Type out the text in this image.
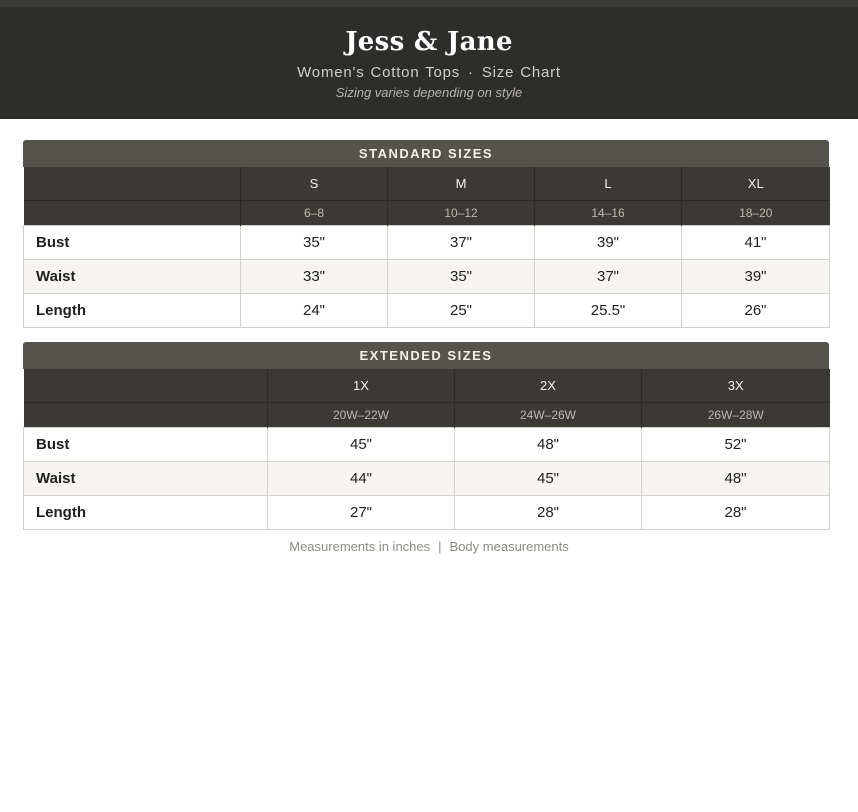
Jess & Jane
Women's Cotton Tops · Size Chart
Sizing varies depending on style
STANDARD SIZES
	S	M	L	XL
	6–8	10–12	14–16	18–20
Bust	35"	37"	39"	41"
Waist	33"	35"	37"	39"
Length	24"	25"	25.5"	26"
EXTENDED SIZES
	1X	2X	3X
	20W–22W	24W–26W	26W–28W
Bust	45"	48"	52"
Waist	44"	45"	48"
Length	27"	28"	28"
Measurements in inches | Body measurements
